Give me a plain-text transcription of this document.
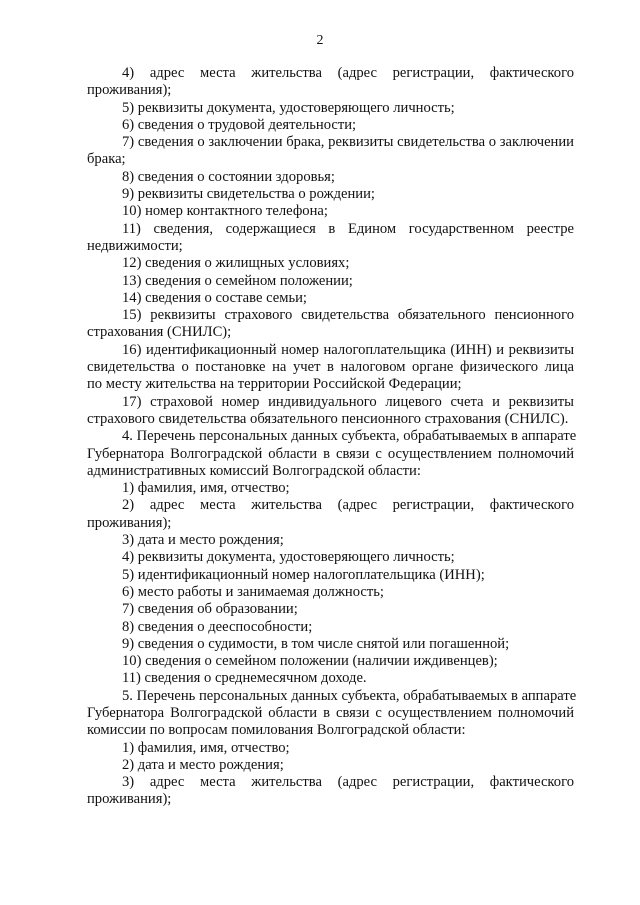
2
4) адрес места жительства (адрес регистрации, фактического
проживания);
5) реквизиты документа, удостоверяющего личность;
6) сведения о трудовой деятельности;
7) сведения о заключении брака, реквизиты свидетельства о заключении
брака;
8) сведения о состоянии здоровья;
9) реквизиты свидетельства о рождении;
10) номер контактного телефона;
11) сведения, содержащиеся в Едином государственном реестре
недвижимости;
12) сведения о жилищных условиях;
13) сведения о семейном положении;
14) сведения о составе семьи;
15) реквизиты страхового свидетельства обязательного пенсионного
страхования (СНИЛС);
16) идентификационный номер налогоплательщика (ИНН) и реквизиты
свидетельства о постановке на учет в налоговом органе физического лица
по месту жительства на территории Российской Федерации;
17) страховой номер индивидуального лицевого счета и реквизиты
страхового свидетельства обязательного пенсионного страхования (СНИЛС).
4. Перечень персональных данных субъекта, обрабатываемых в аппарате
Губернатора Волгоградской области в связи с осуществлением полномочий
административных комиссий Волгоградской области:
1) фамилия, имя, отчество;
2) адрес места жительства (адрес регистрации, фактического
проживания);
3) дата и место рождения;
4) реквизиты документа, удостоверяющего личность;
5) идентификационный номер налогоплательщика (ИНН);
6) место работы и занимаемая должность;
7) сведения об образовании;
8) сведения о дееспособности;
9) сведения о судимости, в том числе снятой или погашенной;
10) сведения о семейном положении (наличии иждивенцев);
11) сведения о среднемесячном доходе.
5. Перечень персональных данных субъекта, обрабатываемых в аппарате
Губернатора Волгоградской области в связи с осуществлением полномочий
комиссии по вопросам помилования Волгоградской области:
1) фамилия, имя, отчество;
2) дата и место рождения;
3) адрес места жительства (адрес регистрации, фактического
проживания);
